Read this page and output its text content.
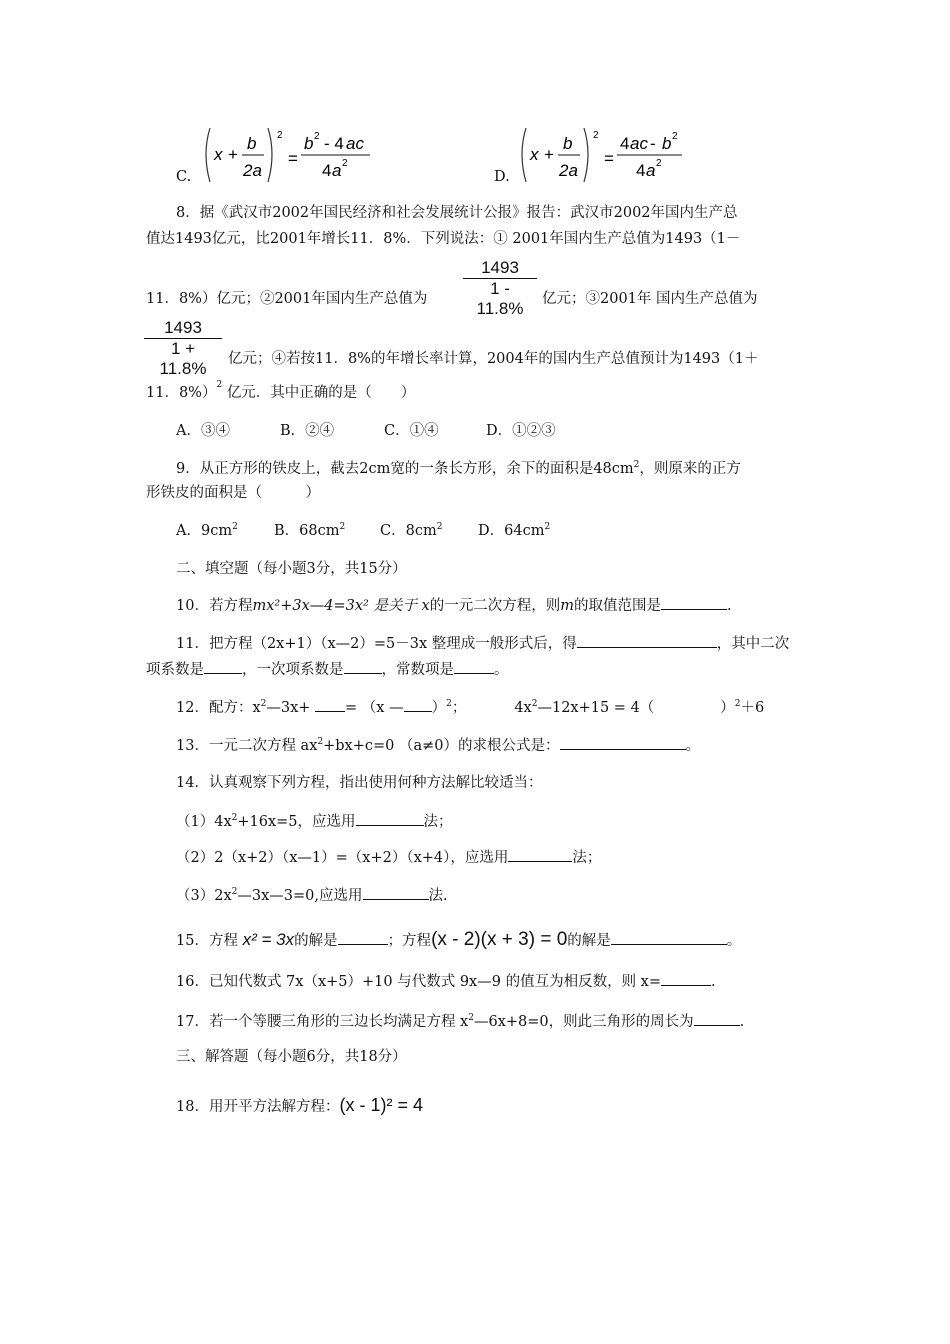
C.
x +
b
2a
2
=
b 2 - 4 ac
4 a 2
D.
x +
b
2a
2
=
4 ac - b 2
4 a 2
8．据《武汉市2002年国民经济和社会发展统计公报》报告：武汉市2002年国内生产总
值达1493亿元，比2001年增长11．8%．下列说法：① 2001年国内生产总值为1493（1－
1493
1 - 11.8%
11．8%）亿元；②2001年国内生产总值为	亿元；③2001年 国内生产总值为
1493
1 + 11.8%	亿元；④若按11．8%的年增长率计算，2004年的国内生产总值预计为1493（1＋
11．8%）$^2$ 亿元．其中正确的是（　　）
A．③④	B．②④	C．①④	D．①②③
9．从正方形的铁皮上，截去2cm宽的一条长方形，余下的面积是$48cm^2$，则原来的正方
形铁皮的面积是（　　　）
A．$9cm^2$ B．$68cm^2$ C．$8cm^2$ D．$64cm^2$
二、填空题（每小题3分，共15分）
10．若方程mx²+3x—4=3x² 是关于 x的一元二次方程，则m的取值范围是	.
11．把方程（2x+1）（x—2）=5－3x 整理成一般形式后，得	，其中二次
项系数是	，一次项系数是	，常数项是	。
12．配方：$x^2—3x+ = (x$ — ）$^2$；	$4x^2—12x+15 = 4$（	）$^2$＋6
13．一元二次方程 $ax^2+bx+c=0$ （a≠0）的求根公式是：	。
14．认真观察下列方程，指出使用何种方法解比较适当：
$(1)4x^2+16x=5$，应选用	法；
（2）2（x+2）（x—1）=（x+2）（x+4），应选用	法；
$(3)2x^2—3x—3=0$,应选用	法.
15．方程 x² = 3x的解是	；方程(x - 2)(x + 3) = 0的解是	。
16．已知代数式 7x（x+5）+10 与代数式 9x—9 的值互为相反数，则 x=	.
17．若一个等腰三角形的三边长均满足方程 $x^2—6x+8=0$，则此三角形的周长为	.
三、解答题（每小题6分，共18分）
18．用开平方法解方程：(x - 1)² = 4
